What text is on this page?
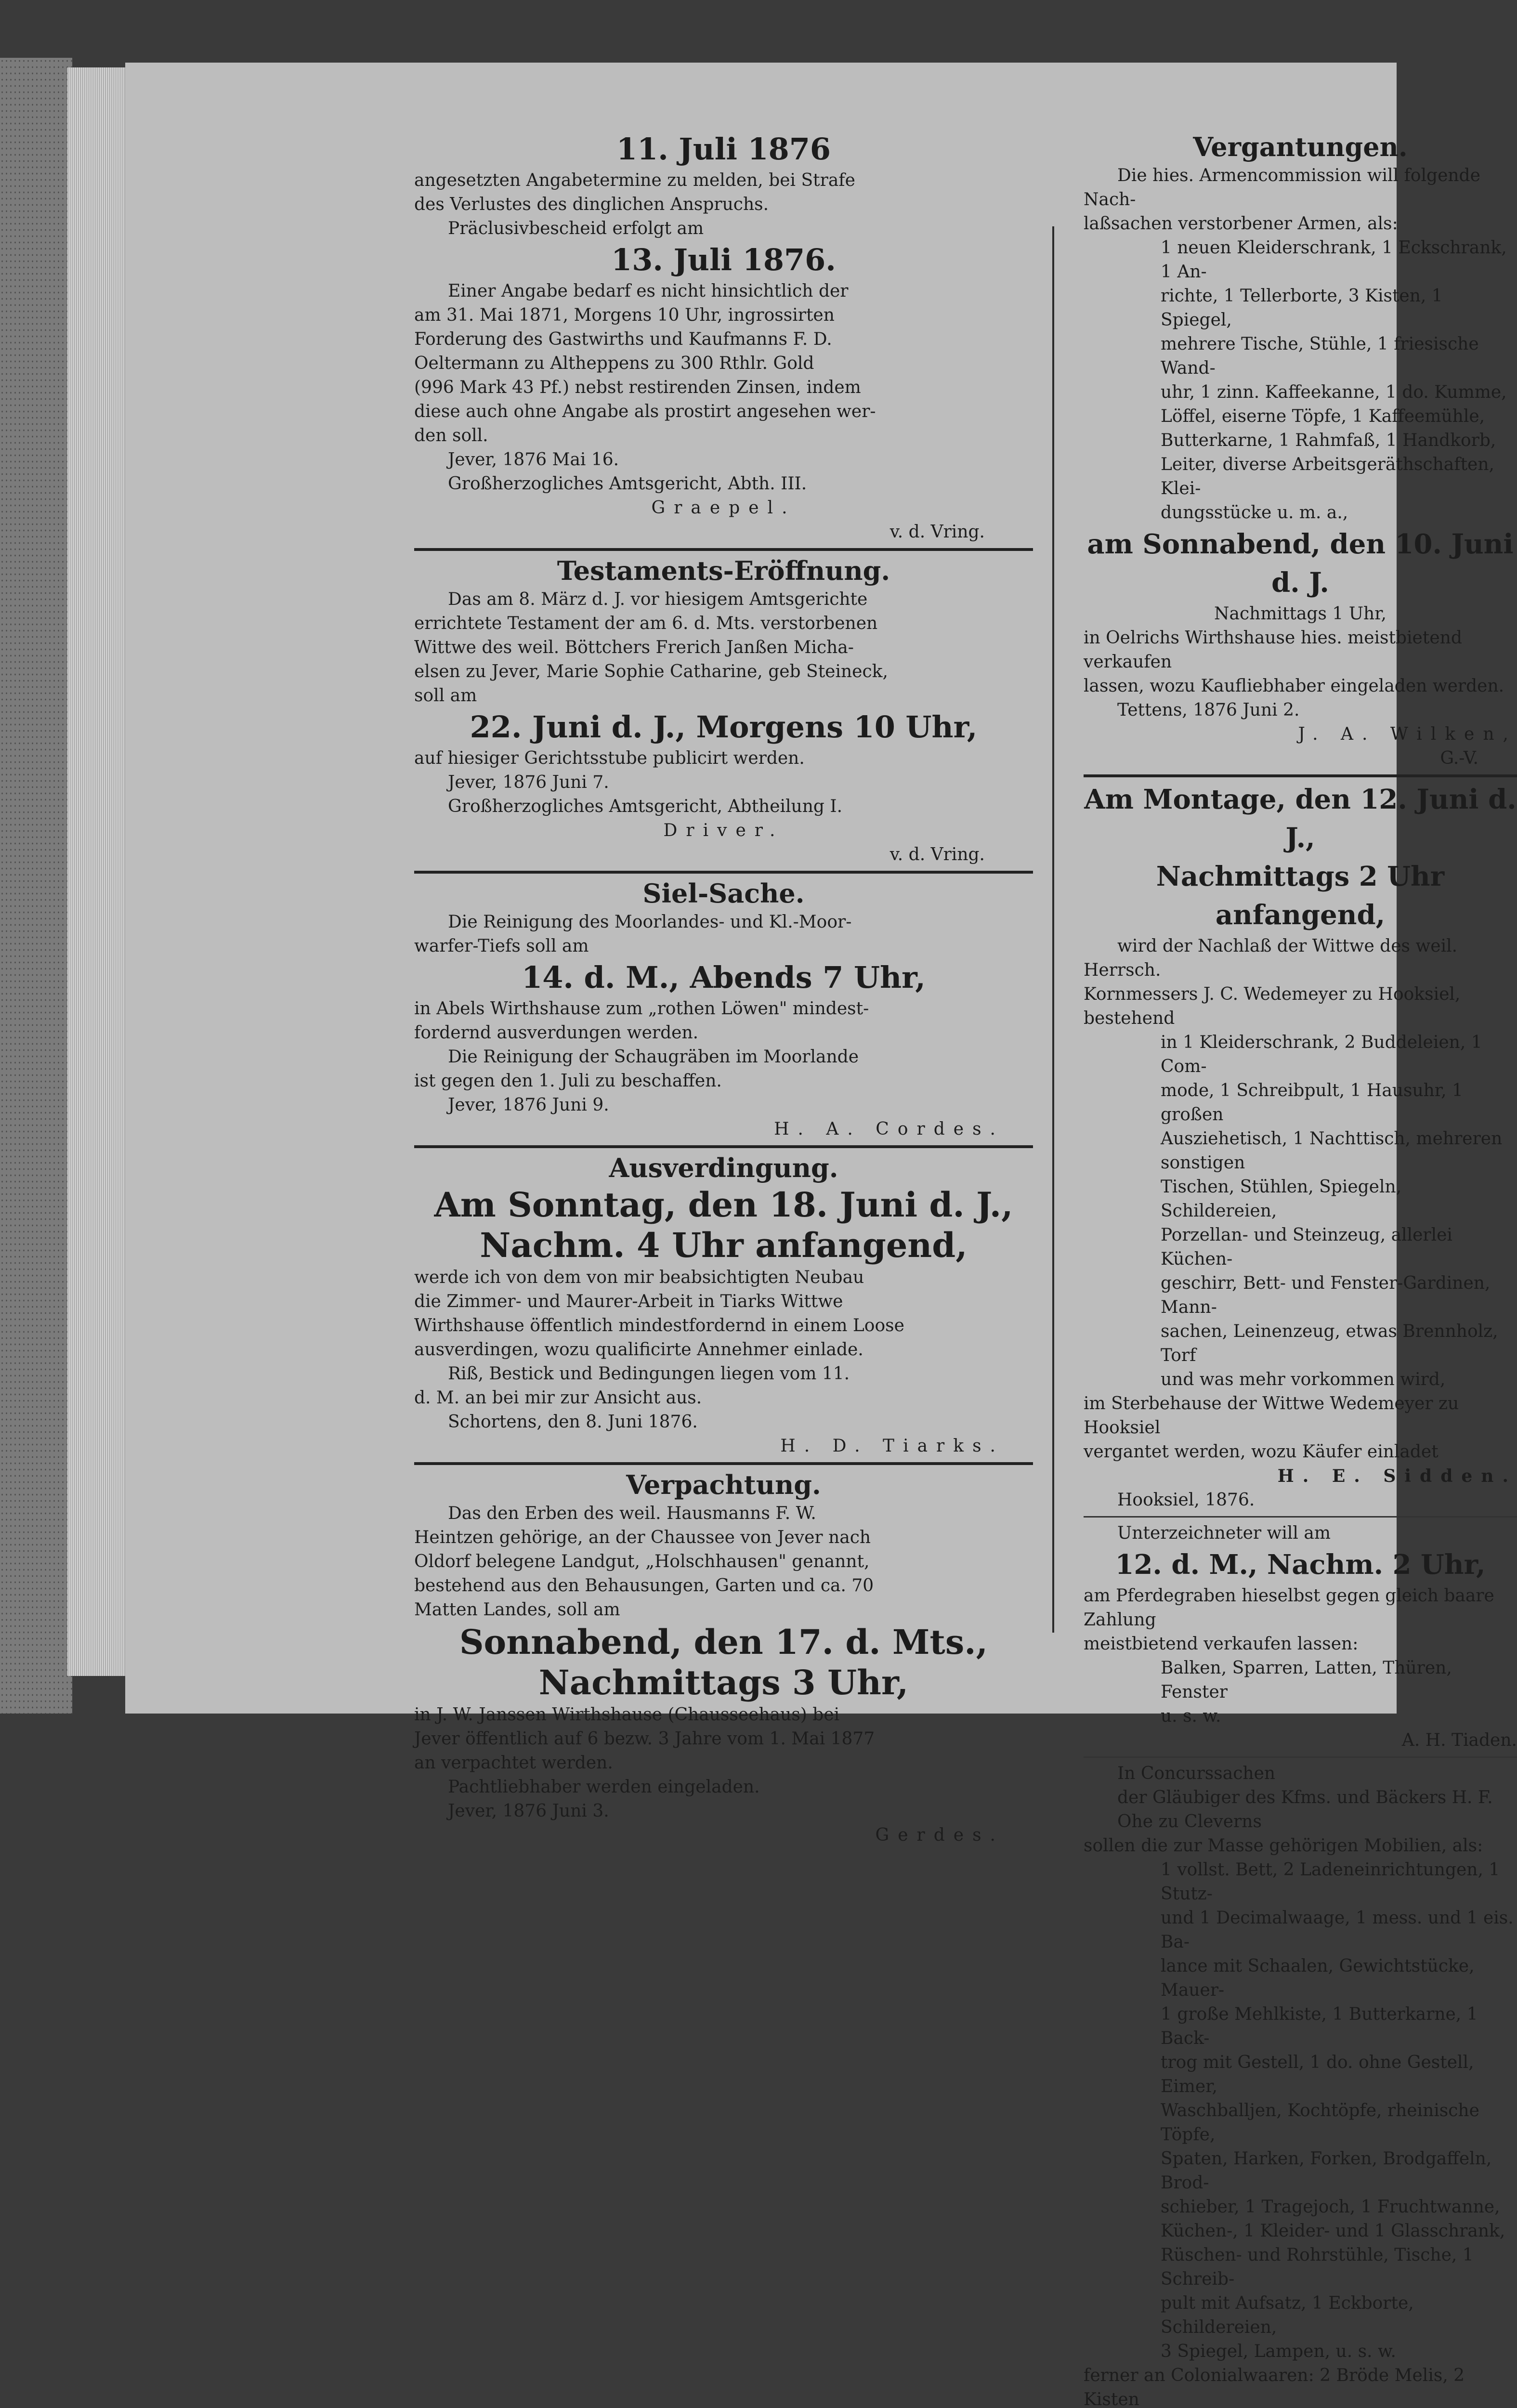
11. Juli 1876

angesetzten Angabetermine zu melden, bei Strafe

des Verlustes des dinglichen Anspruchs.

Präclusivbescheid erfolgt am

13. Juli 1876.

Einer Angabe bedarf es nicht hinsichtlich der

am 31. Mai 1871, Morgens 10 Uhr, ingrossirten

Forderung des Gastwirths und Kaufmanns F. D.

Oeltermann zu Altheppens zu 300 Rthlr. Gold

(996 Mark 43 Pf.) nebst restirenden Zinsen, indem

diese auch ohne Angabe als prostirt angesehen wer-

den soll.

Jever, 1876 Mai 16.

Großherzogliches Amtsgericht, Abth. III.

Graepel.

v. d. Vring.

Testaments-Eröffnung.

Das am 8. März d. J. vor hiesigem Amtsgerichte

errichtete Testament der am 6. d. Mts. verstorbenen

Wittwe des weil. Böttchers Frerich Janßen Micha-

elsen zu Jever, Marie Sophie Catharine, geb Steineck,

soll am

22. Juni d. J., Morgens 10 Uhr,

auf hiesiger Gerichtsstube publicirt werden.

Jever, 1876 Juni 7.

Großherzogliches Amtsgericht, Abtheilung I.

Driver.

v. d. Vring.

Siel-Sache.

Die Reinigung des Moorlandes- und Kl.-Moor-

warfer-Tiefs soll am

14. d. M., Abends 7 Uhr,

in Abels Wirthshause zum „rothen Löwen" mindest-

fordernd ausverdungen werden.

Die Reinigung der Schaugräben im Moorlande

ist gegen den 1. Juli zu beschaffen.

Jever, 1876 Juni 9.

H. A. Cordes.

Ausverdingung.
Am Sonntag, den 18. Juni d. J.,
Nachm. 4 Uhr anfangend,

werde ich von dem von mir beabsichtigten Neubau

die Zimmer- und Maurer-Arbeit in Tiarks Wittwe

Wirthshause öffentlich mindestfordernd in einem Loose

ausverdingen, wozu qualificirte Annehmer einlade.

Riß, Bestick und Bedingungen liegen vom 11.

d. M. an bei mir zur Ansicht aus.

Schortens, den 8. Juni 1876.

H. D. Tiarks.

Verpachtung.

Das den Erben des weil. Hausmanns F. W.

Heintzen gehörige, an der Chaussee von Jever nach

Oldorf belegene Landgut, „Holschhausen" genannt,

bestehend aus den Behausungen, Garten und ca. 70

Matten Landes, soll am

Sonnabend, den 17. d. Mts.,
Nachmittags 3 Uhr,

in J. W. Janssen Wirthshause (Chausseehaus) bei

Jever öffentlich auf 6 bezw. 3 Jahre vom 1. Mai 1877

an verpachtet werden.

Pachtliebhaber werden eingeladen.

Jever, 1876 Juni 3.

Gerdes.

Vergantungen.

Die hies. Armencommission will folgende Nach-

laßsachen verstorbener Armen, als:

1 neuen Kleiderschrank, 1 Eckschrank, 1 An-

richte, 1 Tellerborte, 3 Kisten, 1 Spiegel,

mehrere Tische, Stühle, 1 friesische Wand-

uhr, 1 zinn. Kaffeekanne, 1 do. Kumme,

Löffel, eiserne Töpfe, 1 Kaffeemühle,

Butterkarne, 1 Rahmfaß, 1 Handkorb,

Leiter, diverse Arbeitsgeräthschaften, Klei-

dungsstücke u. m. a.,

am Sonnabend, den 10. Juni d. J.

Nachmittags 1 Uhr,

in Oelrichs Wirthshause hies. meistbietend verkaufen

lassen, wozu Kaufliebhaber eingeladen werden.

Tettens, 1876 Juni 2.

J. A. Wilken,

G.-V.

Am Montage, den 12. Juni d. J.,
Nachmittags 2 Uhr anfangend,

wird der Nachlaß der Wittwe des weil. Herrsch.

Kornmessers J. C. Wedemeyer zu Hooksiel, bestehend

in 1 Kleiderschrank, 2 Buddeleien, 1 Com-

mode, 1 Schreibpult, 1 Hausuhr, 1 großen

Ausziehetisch, 1 Nachttisch, mehreren sonstigen

Tischen, Stühlen, Spiegeln, Schildereien,

Porzellan- und Steinzeug, allerlei Küchen-

geschirr, Bett- und Fenster-Gardinen, Mann-

sachen, Leinenzeug, etwas Brennholz, Torf

und was mehr vorkommen wird,

im Sterbehause der Wittwe Wedemeyer zu Hooksiel

vergantet werden, wozu Käufer einladet

H. E. Sidden.

Hooksiel, 1876.

Unterzeichneter will am

12. d. M., Nachm. 2 Uhr,

am Pferdegraben hieselbst gegen gleich baare Zahlung

meistbietend verkaufen lassen:

Balken, Sparren, Latten, Thüren, Fenster

u. s. w.

A. H. Tiaden.

In Concurssachen

der Gläubiger des Kfms. und Bäckers H. F.

Ohe zu Cleverns

sollen die zur Masse gehörigen Mobilien, als:

1 vollst. Bett, 2 Ladeneinrichtungen, 1 Stutz-

und 1 Decimalwaage, 1 mess. und 1 eis. Ba-

lance mit Schaalen, Gewichtstücke, Mauer-

1 große Mehlkiste, 1 Butterkarne, 1 Back-

trog mit Gestell, 1 do. ohne Gestell, Eimer,

Waschballjen, Kochtöpfe, rheinische Töpfe,

Spaten, Harken, Forken, Brodgaffeln, Brod-

schieber, 1 Tragejoch, 1 Fruchtwanne,

Küchen-, 1 Kleider- und 1 Glasschrank,

Rüschen- und Rohrstühle, Tische, 1 Schreib-

pult mit Aufsatz, 1 Eckborte, Schildereien,

3 Spiegel, Lampen, u. s. w.

ferner an Colonialwaaren: 2 Bröde Melis, 2 Kisten
